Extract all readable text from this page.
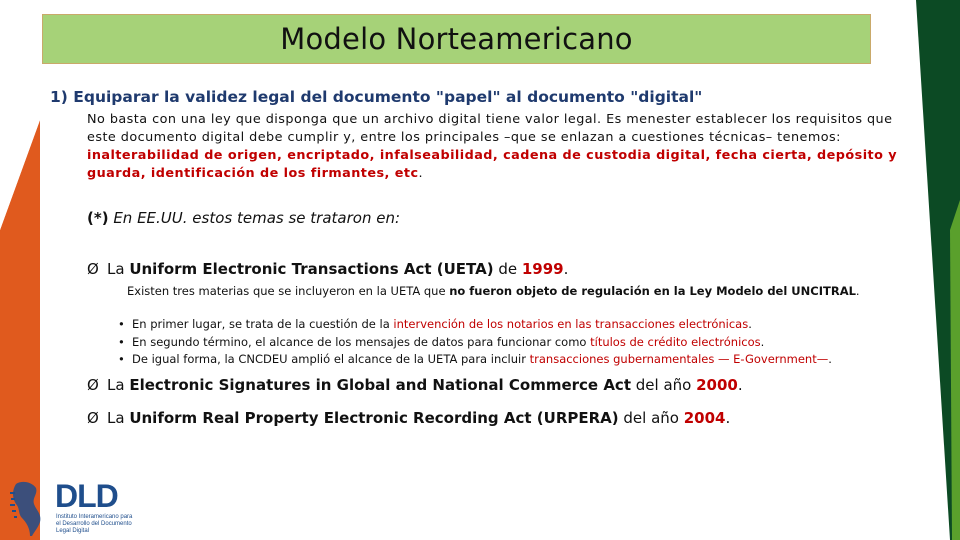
Modelo Norteamericano
1) Equiparar la validez legal del documento "papel" al documento "digital"
No basta con una ley que disponga que un archivo digital tiene valor legal. Es menester establecer los requisitos que este documento digital debe cumplir y, entre los principales –que se enlazan a cuestiones técnicas– tenemos: inalterabilidad de origen, encriptado, infalseabilidad, cadena de custodia digital, fecha cierta, depósito y guarda, identificación de los firmantes, etc.
(*) En EE.UU. estos temas se trataron en:
Ø La Uniform Electronic Transactions Act (UETA) de 1999.
Existen tres materias que se incluyeron en la UETA que no fueron objeto de regulación en la Ley Modelo del UNCITRAL.
• En primer lugar, se trata de la cuestión de la intervención de los notarios en las transacciones electrónicas.
• En segundo término, el alcance de los mensajes de datos para funcionar como títulos de crédito electrónicos.
• De igual forma, la CNCDEU amplió el alcance de la UETA para incluir transacciones gubernamentales — E-Government—.
Ø La Electronic Signatures in Global and National Commerce Act del año 2000.
Ø La Uniform Real Property Electronic Recording Act (URPERA) del año 2004.
DLD
Instituto Interamericano para el Desarrollo del Documento Legal Digital
